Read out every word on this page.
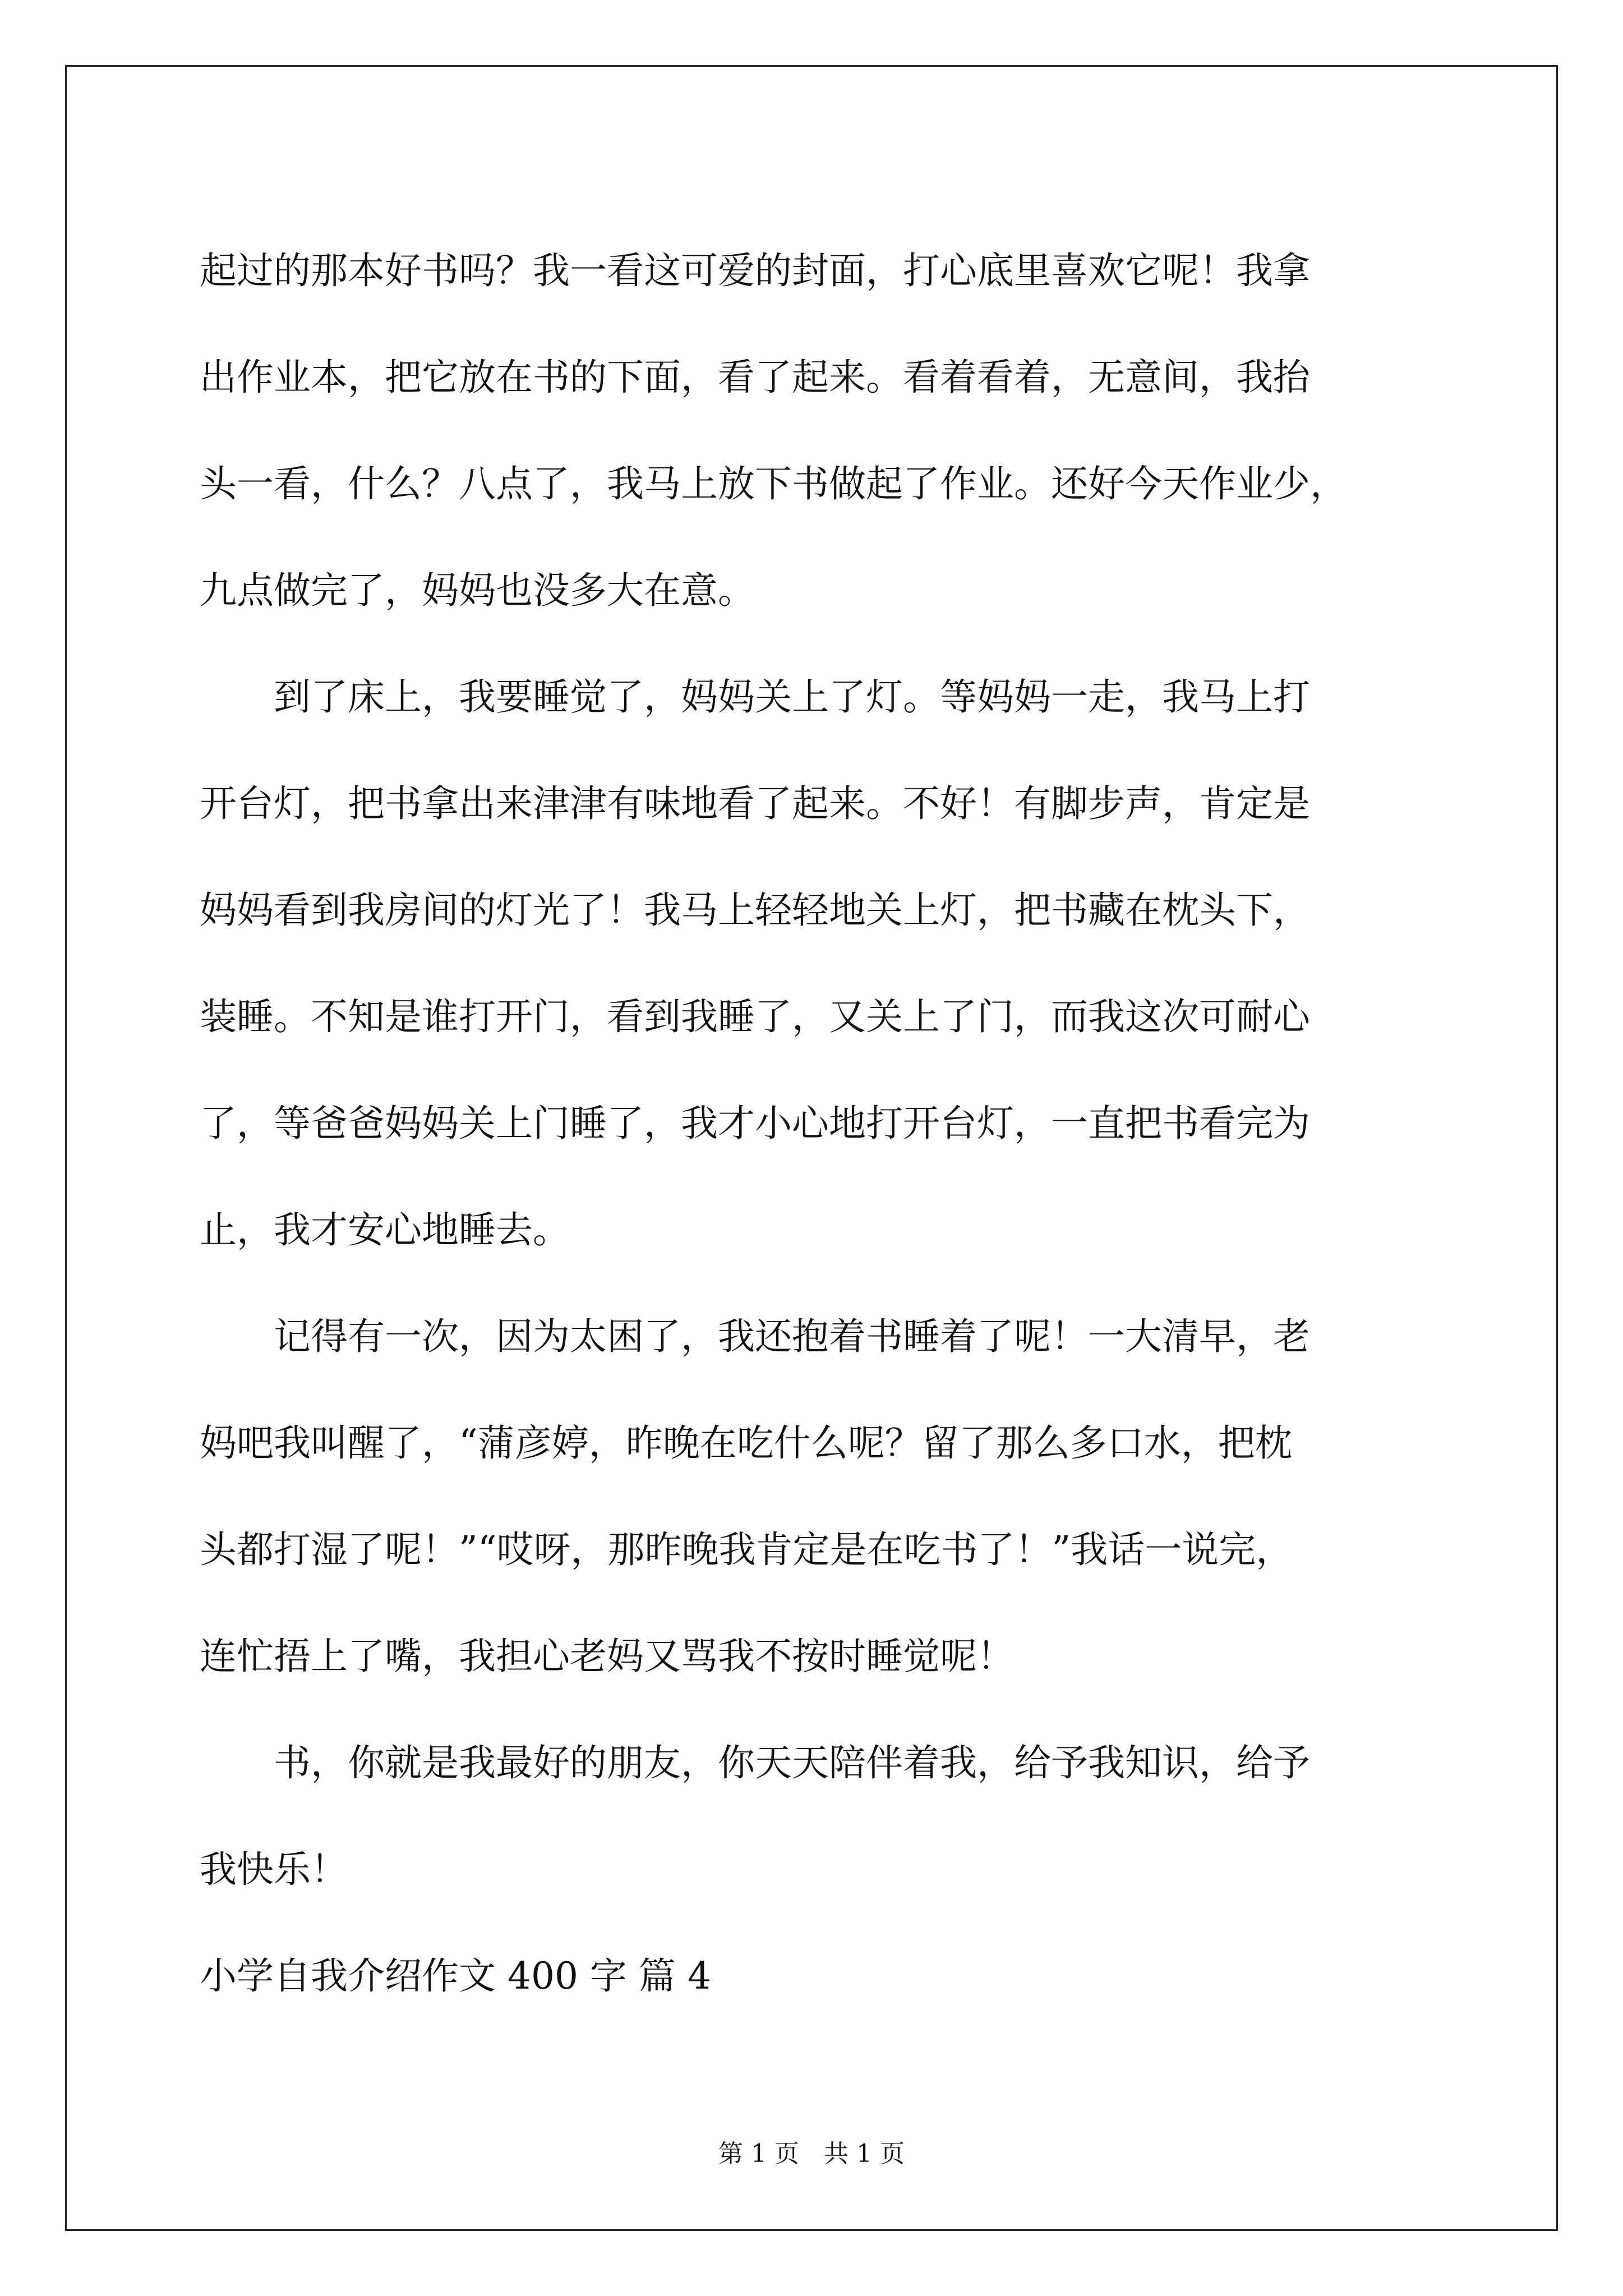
起过的那本好书吗？我一看这可爱的封面，打心底里喜欢它呢！我拿
出作业本，把它放在书的下面，看了起来。看着看着，无意间，我抬
头一看，什么？八点了，我马上放下书做起了作业。还好今天作业少，
九点做完了，妈妈也没多大在意。
　　到了床上，我要睡觉了，妈妈关上了灯。等妈妈一走，我马上打
开台灯，把书拿出来津津有味地看了起来。不好！有脚步声，肯定是
妈妈看到我房间的灯光了！我马上轻轻地关上灯，把书藏在枕头下，
装睡。不知是谁打开门，看到我睡了，又关上了门，而我这次可耐心
了，等爸爸妈妈关上门睡了，我才小心地打开台灯，一直把书看完为
止，我才安心地睡去。
　　记得有一次，因为太困了，我还抱着书睡着了呢！一大清早，老
妈吧我叫醒了，“蒲彦婷，昨晚在吃什么呢？留了那么多口水，把枕
头都打湿了呢！”“哎呀，那昨晚我肯定是在吃书了！”我话一说完，
连忙捂上了嘴，我担心老妈又骂我不按时睡觉呢！
　　书，你就是我最好的朋友，你天天陪伴着我，给予我知识，给予
我快乐！
小学自我介绍作文 400 字 篇 4
第 1 页　共 1 页
